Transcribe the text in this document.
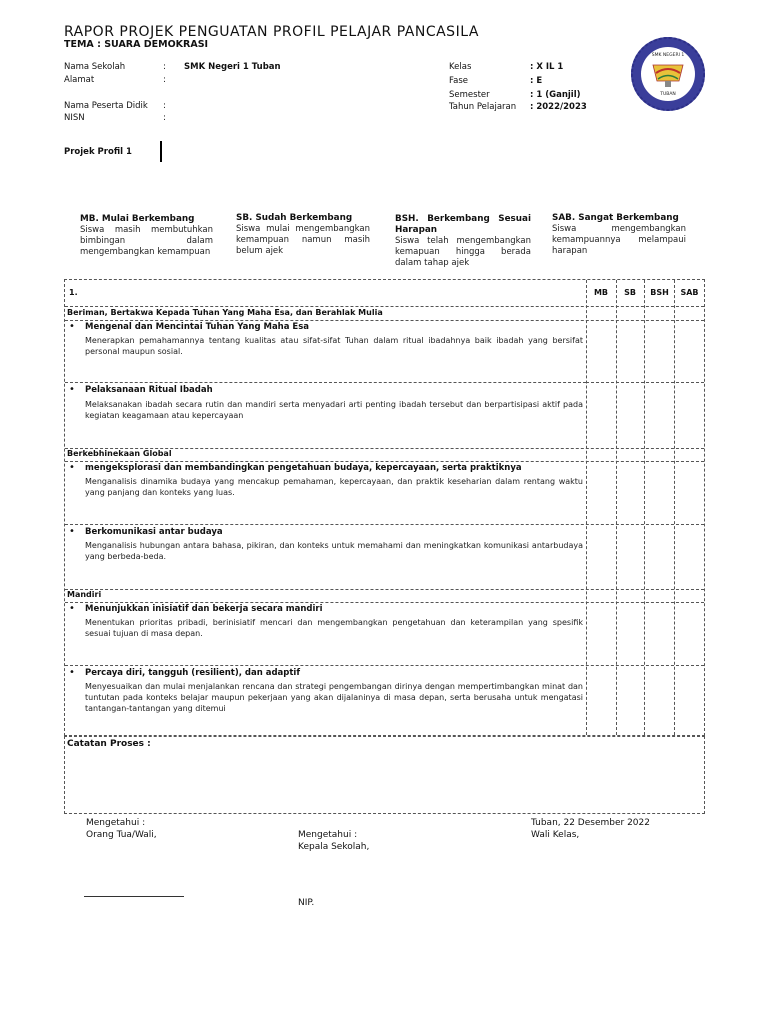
RAPOR PROJEK PENGUATAN PROFIL PELAJAR PANCASILA
TEMA : SUARA DEMOKRASI
SMK NEGERI 1
TUBAN
Nama Sekolah	: SMK Negeri 1 Tuban
Alamat	:
Nama Peserta Didik :
NISN	:
Kelas	: X IL 1
Fase	: E
Semester	: 1 (Ganjil)
Tahun Pelajaran : 2022/2023
Projek Profil 1
MB. Mulai Berkembang
Siswa masih membutuhkan bimbingan dalam mengembangkan kemampuan
SB. Sudah Berkembang
Siswa mulai mengembangkan kemampuan namun masih belum ajek
BSH. Berkembang Sesuai Harapan
Siswa telah mengembangkan kemapuan hingga berada dalam tahap ajek
SAB. Sangat Berkembang
Siswa mengembangkan kemampuannya melampaui harapan
1.	MB	SB	BSH	SAB
Beriman, Bertakwa Kepada Tuhan Yang Maha Esa, dan Berahlak Mulia
• Mengenal dan Mencintai Tuhan Yang Maha Esa
Menerapkan pemahamannya tentang kualitas atau sifat-sifat Tuhan dalam ritual ibadahnya baik ibadah yang bersifat personal maupun sosial.
• Pelaksanaan Ritual Ibadah
Melaksanakan ibadah secara rutin dan mandiri serta menyadari arti penting ibadah tersebut dan berpartisipasi aktif pada kegiatan keagamaan atau kepercayaan
Berkebhinekaan Global
• mengeksplorasi dan membandingkan pengetahuan budaya, kepercayaan, serta praktiknya
Menganalisis dinamika budaya yang mencakup pemahaman, kepercayaan, dan praktik keseharian dalam rentang waktu yang panjang dan konteks yang luas.
• Berkomunikasi antar budaya
Menganalisis hubungan antara bahasa, pikiran, dan konteks untuk memahami dan meningkatkan komunikasi antarbudaya yang berbeda-beda.
Mandiri
• Menunjukkan inisiatif dan bekerja secara mandiri
Menentukan prioritas pribadi, berinisiatif mencari dan mengembangkan pengetahuan dan keterampilan yang spesifik sesuai tujuan di masa depan.
• Percaya diri, tangguh (resilient), dan adaptif
Menyesuaikan dan mulai menjalankan rencana dan strategi pengembangan dirinya dengan mempertimbangkan minat dan tuntutan pada konteks belajar maupun pekerjaan yang akan dijalaninya di masa depan, serta berusaha untuk mengatasi tantangan-tantangan yang ditemui
Catatan Proses :
Mengetahui :
Orang Tua/Wali,	Mengetahui :
Kepala Sekolah,
Tuban, 22 Desember 2022
Wali Kelas,
NIP.
